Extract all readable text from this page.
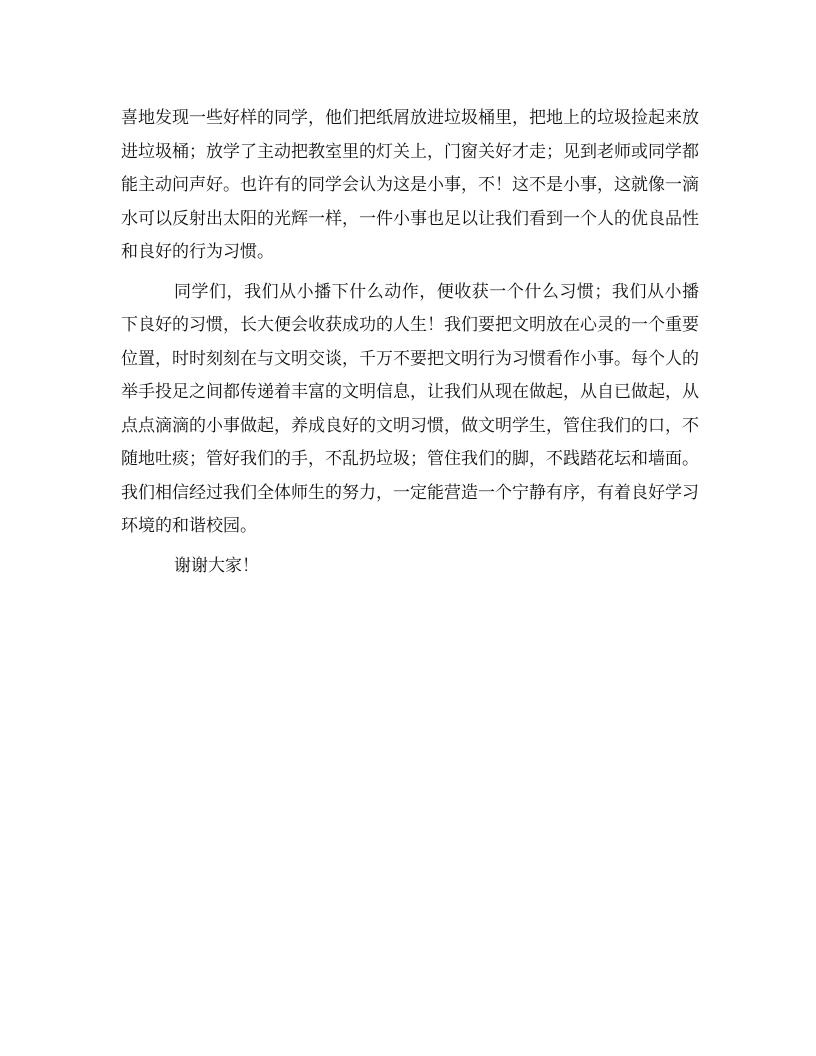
喜地发现一些好样的同学，他们把纸屑放进垃圾桶里，把地上的垃圾捡起来放进垃圾桶；放学了主动把教室里的灯关上，门窗关好才走；见到老师或同学都能主动问声好。也许有的同学会认为这是小事，不！这不是小事，这就像一滴水可以反射出太阳的光辉一样，一件小事也足以让我们看到一个人的优良品性和良好的行为习惯。

同学们，我们从小播下什么动作，便收获一个什么习惯；我们从小播下良好的习惯，长大便会收获成功的人生！我们要把文明放在心灵的一个重要位置，时时刻刻在与文明交谈，千万不要把文明行为习惯看作小事。每个人的举手投足之间都传递着丰富的文明信息，让我们从现在做起，从自已做起，从点点滴滴的小事做起，养成良好的文明习惯，做文明学生，管住我们的口，不随地吐痰；管好我们的手，不乱扔垃圾；管住我们的脚，不践踏花坛和墙面。我们相信经过我们全体师生的努力，一定能营造一个宁静有序，有着良好学习环境的和谐校园。

谢谢大家！
